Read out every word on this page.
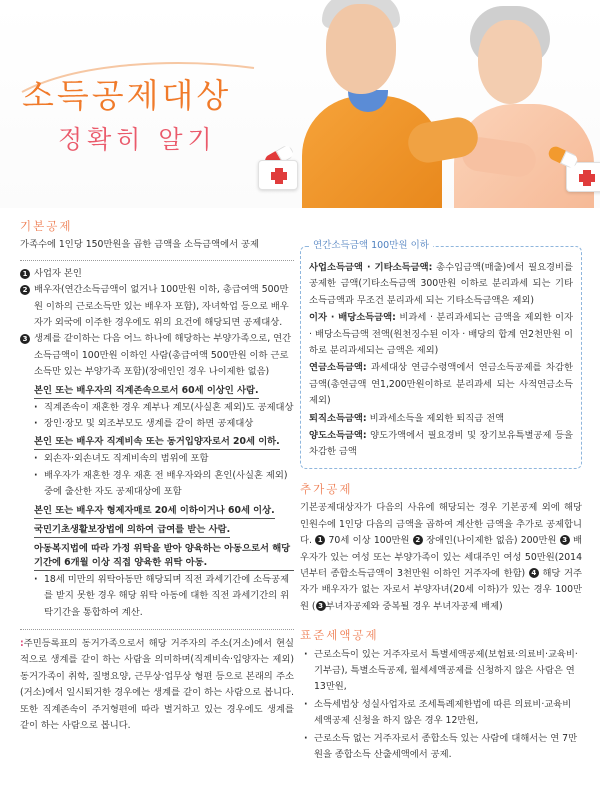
소득공제대상
정확히 알기
기본공제
가족수에 1인당 150만원을 곱한 금액을 소득금액에서 공제
1 사업자 본인
2 배우자(연간소득금액이 없거나 100만원 이하, 총급여액 500만원 이하의 근로소득만 있는 배우자 포함), 자녀학업 등으로 배우자가 외국에 이주한 경우에도 위의 요건에 해당되면 공제대상.
3 생계를 같이하는 다음 어느 하나에 해당하는 부양가족으로, 연간소득금액이 100만원 이하인 사람(총급여액 500만원 이하 근로소득만 있는 부양가족 포함)(장애인인 경우 나이제한 없음)
본인 또는 배우자의 직계존속으로서 60세 이상인 사람.
· 직계존속이 재혼한 경우 계부나 계모(사실혼 제외)도 공제대상
· 장인·장모 및 외조부모도 생계를 같이 하면 공제대상
본인 또는 배우자 직계비속 또는 동거입양자로서 20세 이하.
· 외손자·외손녀도 직계비속의 범위에 포함
· 배우자가 재혼한 경우 재혼 전 배우자와의 혼인(사실혼 제외) 중에 출산한 자도 공제대상에 포함
본인 또는 배우자 형제자매로 20세 이하이거나 60세 이상. 국민기초생활보장법에 의하여 급여를 받는 사람. 아동복지법에 따라 가정 위탁을 받아 양육하는 아동으로서 해당 기간에 6개월 이상 직접 양육한 위탁 아동.
· 18세 미만의 위탁아동만 해당되며 직전 과세기간에 소득공제를 받지 못한 경우 해당 위탁 아동에 대한 직전 과세기간의 위탁기간을 통합하여 계산.
:주민등록표의 동거가족으로서 해당 거주자의 주소(거소)에서 현실적으로 생계를 같이 하는 사람을 의미하며(직계비속·입양자는 제외) 동거가족이 취학, 질병요양, 근무상·업무상 형편 등으로 본래의 주소(거소)에서 일시퇴거한 경우에는 생계를 같이 하는 사람으로 봅니다. 또한 직계존속이 주거형편에 따라 별거하고 있는 경우에도 생계를 같이 하는 사람으로 봅니다.
연간소득금액 100만원 이하

사업소득금액 · 기타소득금액: 총수입금액(매출)에서 필요경비를 공제한 금액(기타소득금액 300만원 이하로 분리과세 되는 기타 소득금액과 무조건 분리과세 되는 기타소득금액은 제외)

이자 · 배당소득금액: 비과세 · 분리과세되는 금액을 제외한 이자 · 배당소득금액 전액(원천징수된 이자 · 배당의 합계 연2천만원 이하로 분리과세되는 금액은 제외)

연금소득금액: 과세대상 연금수령액에서 연금소득공제를 차감한 금액(총연금액 연1,200만원이하로 분리과세 되는 사적연금소득 제외)

퇴직소득금액: 비과세소득을 제외한 퇴직금 전액

양도소득금액: 양도가액에서 필요경비 및 장기보유특별공제 등을 차감한 금액

추가공제
기본공제대상자가 다음의 사유에 해당되는 경우 기본공제 외에 해당 인원수에 1인당 다음의 금액을 곱하여 계산한 금액을 추가로 공제합니다. 1 70세 이상 100만원 2 장애인(나이제한 없음) 200만원 3 배우자가 있는 여성 또는 부양가족이 있는 세대주인 여성 50만원(2014년부터 종합소득금액이 3천만원 이하인 거주자에 한함) 4 해당 거주자가 배우자가 없는 자로서 부양자녀(20세 이하)가 있는 경우 100만원 ( 3 부녀자공제와 중복될 경우 부녀자공제 배제)
표준세액공제
· 근로소득이 있는 거주자로서 특별세액공제(보험료·의료비·교육비·기부금), 특별소득공제, 월세세액공제를 신청하지 않은 사람은 연 13만원,
· 소득세법상 성실사업자로 조세특례제한법에 따른 의료비·교육비 세액공제 신청을 하지 않은 경우 12만원,
· 근로소득 없는 거주자로서 종합소득 있는 사람에 대해서는 연 7만원을 종합소득 산출세액에서 공제.
